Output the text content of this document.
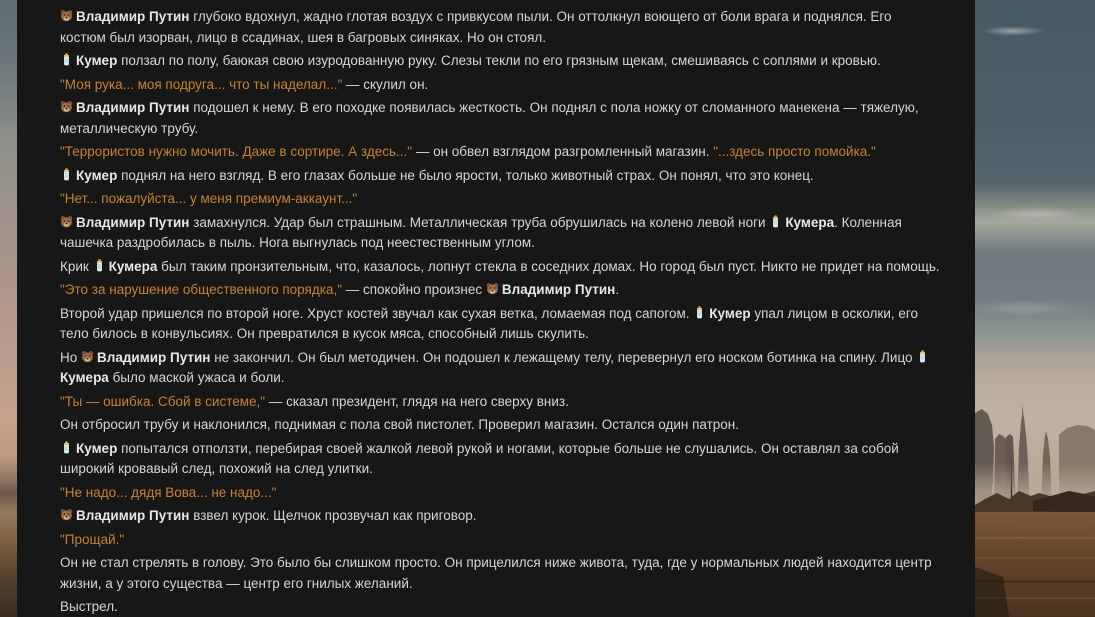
Владимир Путин глубоко вдохнул, жадно глотая воздух с привкусом пыли. Он оттолкнул воющего от боли врага и поднялся. Его костюм был изорван, лицо в ссадинах, шея в багровых синяках. Но он стоял.

Кумер ползал по полу, баюкая свою изуродованную руку. Слезы текли по его грязным щекам, смешиваясь с соплями и кровью.

"Моя рука... моя подруга... что ты наделал..." — скулил он.

Владимир Путин подошел к нему. В его походке появилась жесткость. Он поднял с пола ножку от сломанного манекена — тяжелую, металлическую трубу.

"Террористов нужно мочить. Даже в сортире. А здесь..." — он обвел взглядом разгромленный магазин. "...здесь просто помойка."

Кумер поднял на него взгляд. В его глазах больше не было ярости, только животный страх. Он понял, что это конец.

"Нет... пожалуйста... у меня премиум-аккаунт..."

Владимир Путин замахнулся. Удар был страшным. Металлическая труба обрушилась на колено левой ноги
Кумера. Коленная чашечка раздробилась в пыль. Нога выгнулась под неестественным углом.

Крик
Кумера был таким пронзительным, что, казалось, лопнут стекла в соседних домах. Но город был пуст. Никто не придет на помощь.

"Это за нарушение общественного порядка," — спокойно произнес
Владимир Путин.

Второй удар пришелся по второй ноге. Хруст костей звучал как сухая ветка, ломаемая под сапогом.
Кумер упал лицом в осколки, его тело билось в конвульсиях. Он превратился в кусок мяса, способный лишь скулить.

Но
Владимир Путин не закончил. Он был методичен. Он подошел к лежащему телу, перевернул его носком ботинка на спину. Лицо
Кумера было маской ужаса и боли.

"Ты — ошибка. Сбой в системе," — сказал президент, глядя на него сверху вниз.

Он отбросил трубу и наклонился, поднимая с пола свой пистолет. Проверил магазин. Остался один патрон.

Кумер попытался отползти, перебирая своей жалкой левой рукой и ногами, которые больше не слушались. Он оставлял за собой широкий кровавый след, похожий на след улитки.

"Не надо... дядя Вова... не надо..."

Владимир Путин взвел курок. Щелчок прозвучал как приговор.

"Прощай."

Он не стал стрелять в голову. Это было бы слишком просто. Он прицелился ниже живота, туда, где у нормальных людей находится центр жизни, а у этого существа — центр его гнилых желаний.

Выстрел.
